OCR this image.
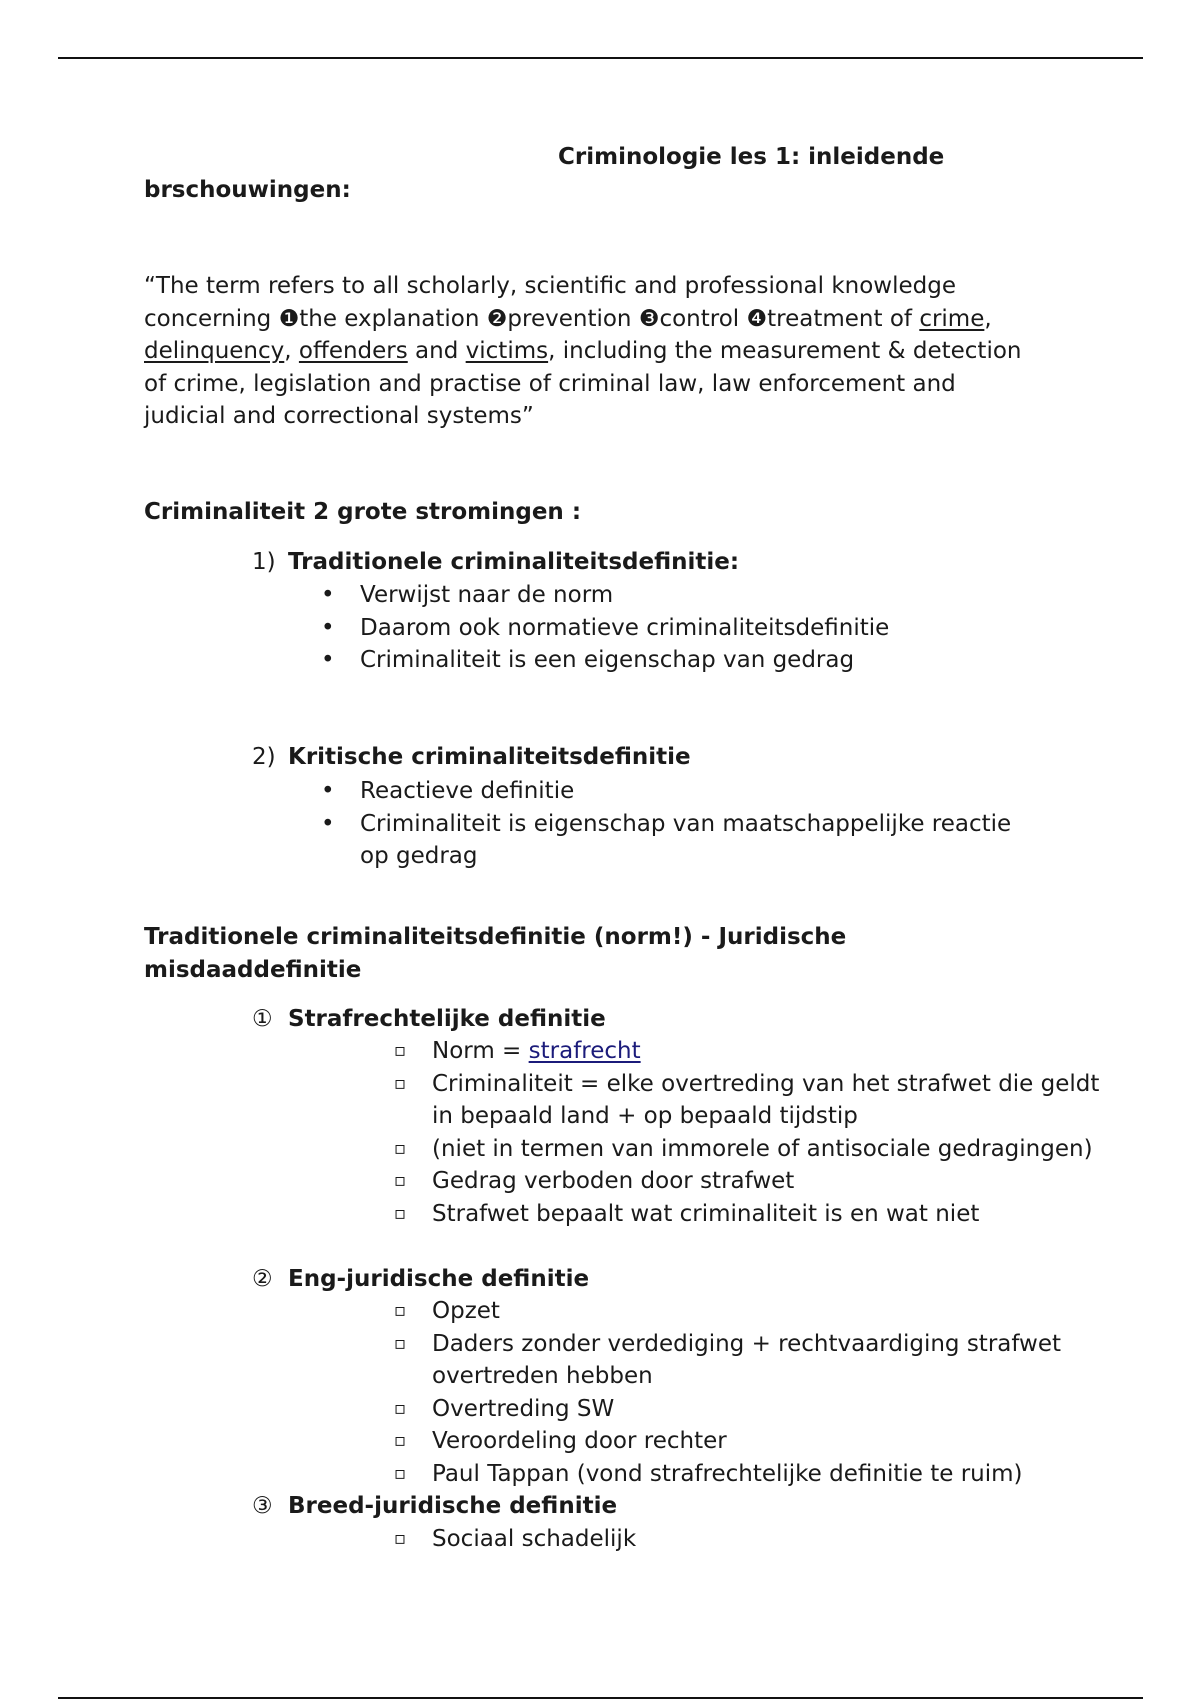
Criminologie les 1: inleidende
brschouwingen:
“The term refers to all scholarly, scientific and professional knowledge concerning ❶the explanation ❷prevention ❸control ❹treatment of crime, delinquency, offenders and victims, including the measurement & detection of crime, legislation and practise of criminal law, law enforcement and judicial and correctional systems”
Criminaliteit 2 grote stromingen :
1) Traditionele criminaliteitsdefinitie:
• Verwijst naar de norm
• Daarom ook normatieve criminaliteitsdefinitie
• Criminaliteit is een eigenschap van gedrag
2) Kritische criminaliteitsdefinitie
• Reactieve definitie
• Criminaliteit is eigenschap van maatschappelijke reactie op gedrag
Traditionele criminaliteitsdefinitie (norm!) - Juridische misdaaddefinitie
① Strafrechtelijke definitie
▫ Norm = strafrecht
▫ Criminaliteit = elke overtreding van het strafwet die geldt in bepaald land + op bepaald tijdstip
▫ (niet in termen van immorele of antisociale gedragingen)
▫ Gedrag verboden door strafwet
▫ Strafwet bepaalt wat criminaliteit is en wat niet
② Eng-juridische definitie
▫ Opzet
▫ Daders zonder verdediging + rechtvaardiging strafwet overtreden hebben
▫ Overtreding SW
▫ Veroordeling door rechter
▫ Paul Tappan (vond strafrechtelijke definitie te ruim)
③ Breed-juridische definitie
▫ Sociaal schadelijk
